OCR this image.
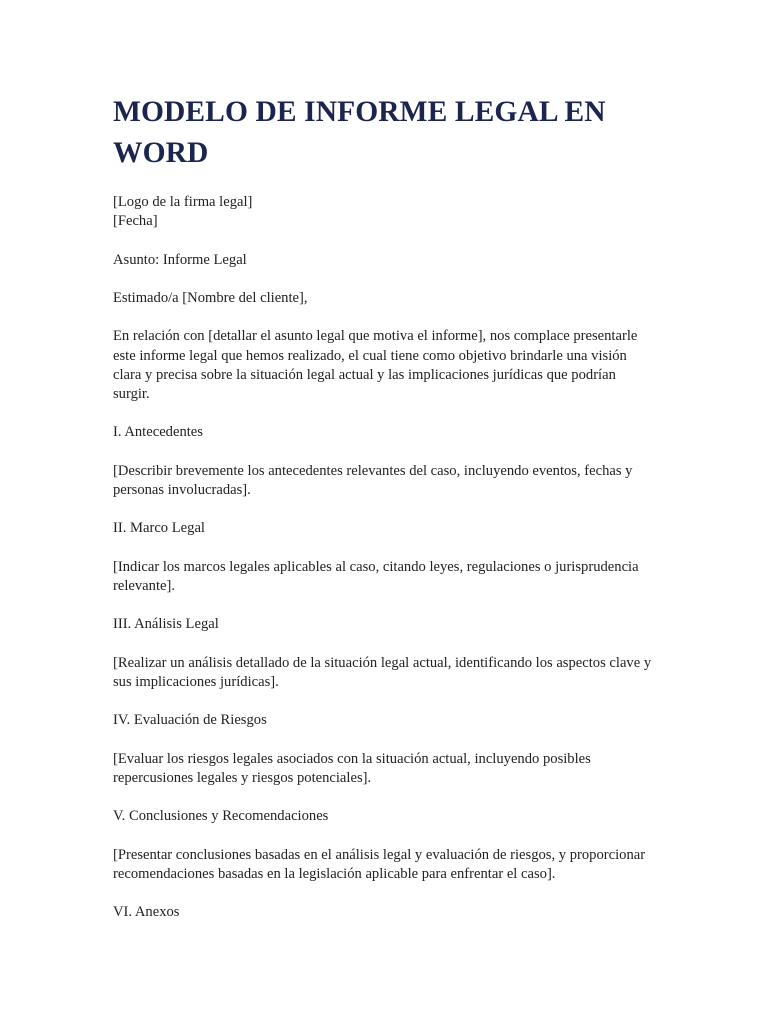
MODELO DE INFORME LEGAL EN WORD

[Logo de la firma legal]
[Fecha]

Asunto: Informe Legal

Estimado/a [Nombre del cliente],

En relación con [detallar el asunto legal que motiva el informe], nos complace presentarle este informe legal que hemos realizado, el cual tiene como objetivo brindarle una visión clara y precisa sobre la situación legal actual y las implicaciones jurídicas que podrían surgir.

I. Antecedentes

[Describir brevemente los antecedentes relevantes del caso, incluyendo eventos, fechas y personas involucradas].

II. Marco Legal

[Indicar los marcos legales aplicables al caso, citando leyes, regulaciones o jurisprudencia relevante].

III. Análisis Legal

[Realizar un análisis detallado de la situación legal actual, identificando los aspectos clave y sus implicaciones jurídicas].

IV. Evaluación de Riesgos

[Evaluar los riesgos legales asociados con la situación actual, incluyendo posibles repercusiones legales y riesgos potenciales].

V. Conclusiones y Recomendaciones

[Presentar conclusiones basadas en el análisis legal y evaluación de riesgos, y proporcionar recomendaciones basadas en la legislación aplicable para enfrentar el caso].

VI. Anexos
